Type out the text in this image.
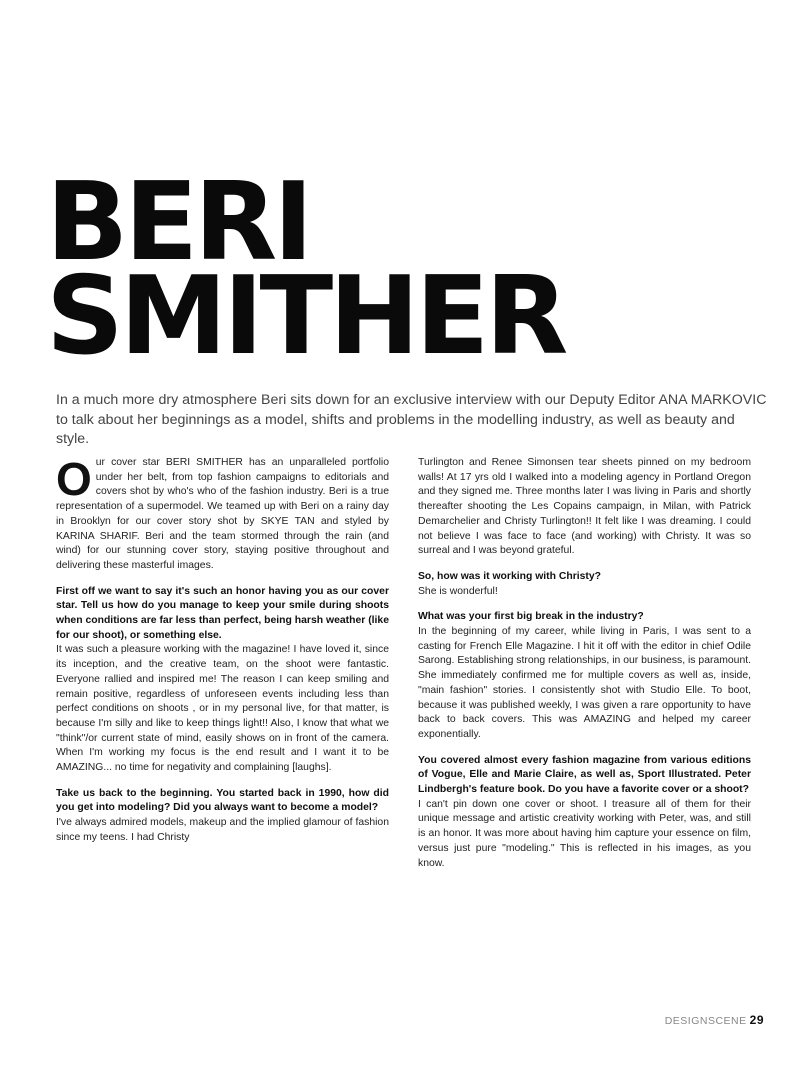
BERI
SMITHER

In a much more dry atmosphere Beri sits down for an exclusive interview with our Deputy Editor ANA MARKOVIC to talk about her beginnings as a model, shifts and problems in the modelling industry, as well as beauty and style.

Our cover star BERI SMITHER has an unparalleled portfolio under her belt, from top fashion campaigns to editorials and covers shot by who's who of the fashion industry. Beri is a true representation of a supermodel. We teamed up with Beri on a rainy day in Brooklyn for our cover story shot by SKYE TAN and styled by KARINA SHARIF. Beri and the team stormed through the rain (and wind) for our stunning cover story, staying positive throughout and delivering these masterful images.

First off we want to say it's such an honor having you as our cover star. Tell us how do you manage to keep your smile during shoots when conditions are far less than perfect, being harsh weather (like for our shoot), or something else.

It was such a pleasure working with the magazine! I have loved it, since its inception, and the creative team, on the shoot were fantastic. Everyone rallied and inspired me! The reason I can keep smiling and remain positive, regardless of unforeseen events including less than perfect conditions on shoots , or in my personal live, for that matter, is because I'm silly and like to keep things light!! Also, I know that what we "think"/or current state of mind, easily shows on in front of the camera. When I'm working my focus is the end result and I want it to be AMAZING... no time for negativity and complaining [laughs].

Take us back to the beginning. You started back in 1990, how did you get into modeling? Did you always want to become a model?

I've always admired models, makeup and the implied glamour of fashion since my teens. I had Christy

Turlington and Renee Simonsen tear sheets pinned on my bedroom walls! At 17 yrs old I walked into a modeling agency in Portland Oregon and they signed me. Three months later I was living in Paris and shortly thereafter shooting the Les Copains campaign, in Milan, with Patrick Demarchelier and Christy Turlington!! It felt like I was dreaming. I could not believe I was face to face (and working) with Christy. It was so surreal and I was beyond grateful.

So, how was it working with Christy?

She is wonderful!

What was your first big break in the industry?

In the beginning of my career, while living in Paris, I was sent to a casting for French Elle Magazine. I hit it off with the editor in chief Odile Sarong. Establishing strong relationships, in our business, is paramount. She immediately confirmed me for multiple covers as well as, inside, "main fashion" stories. I consistently shot with Studio Elle. To boot, because it was published weekly, I was given a rare opportunity to have back to back covers. This was AMAZING and helped my career exponentially.

You covered almost every fashion magazine from various editions of Vogue, Elle and Marie Claire, as well as, Sport Illustrated. Peter Lindbergh's feature book. Do you have a favorite cover or a shoot?

I can't pin down one cover or shoot. I treasure all of them for their unique message and artistic creativity working with Peter, was, and still is an honor. It was more about having him capture your essence on film, versus just pure "modeling." This is reflected in his images, as you know.

DESIGNSCENE 29
